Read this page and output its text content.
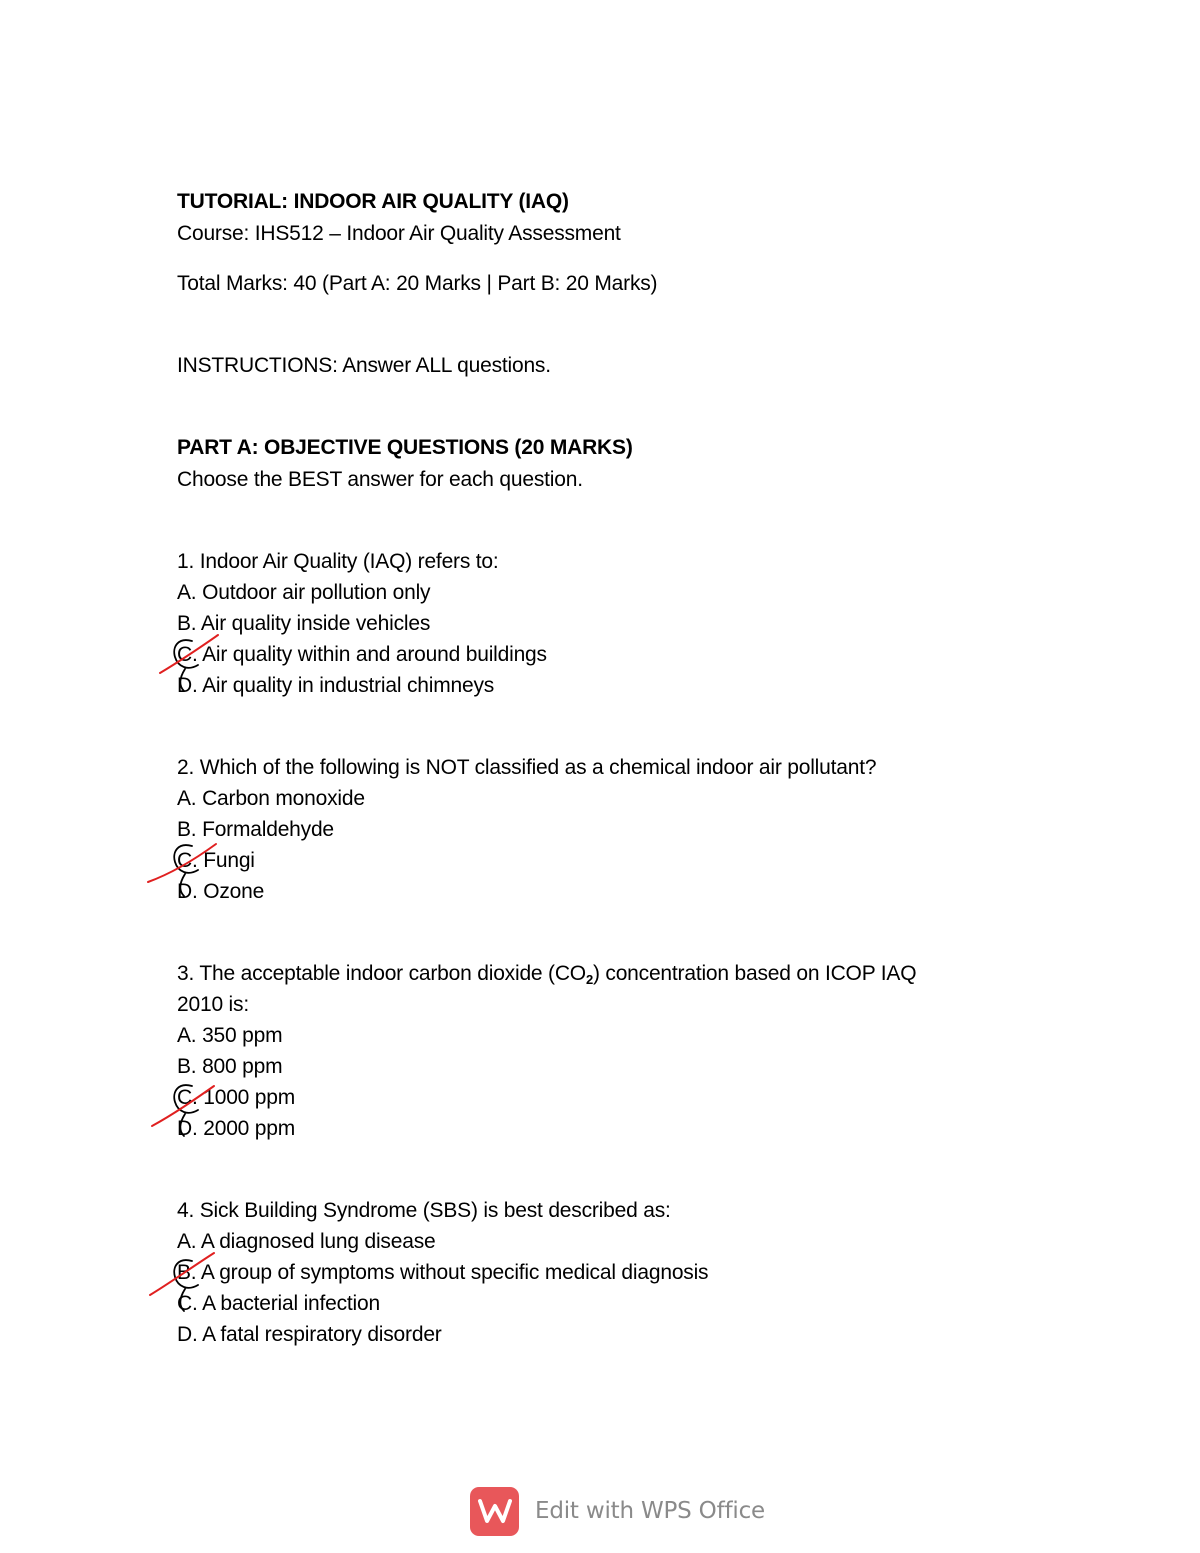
TUTORIAL: INDOOR AIR QUALITY (IAQ)

Course: IHS512 – Indoor Air Quality Assessment

Total Marks: 40 (Part A: 20 Marks | Part B: 20 Marks)

INSTRUCTIONS: Answer ALL questions.

PART A: OBJECTIVE QUESTIONS (20 MARKS)

Choose the BEST answer for each question.

1. Indoor Air Quality (IAQ) refers to:

A. Outdoor air pollution only

B. Air quality inside vehicles

C. Air quality within and around buildings

D. Air quality in industrial chimneys

2. Which of the following is NOT classified as a chemical indoor air pollutant?

A. Carbon monoxide

B. Formaldehyde

C. Fungi

D. Ozone

3. The acceptable indoor carbon dioxide $(CO_2)$ concentration based on ICOP IAQ

2010 is:

A. 350 ppm

B. 800 ppm

C. 1000 ppm

D. 2000 ppm

4. Sick Building Syndrome (SBS) is best described as:

A. A diagnosed lung disease

B. A group of symptoms without specific medical diagnosis

C. A bacterial infection

D. A fatal respiratory disorder

Edit with WPS Office
